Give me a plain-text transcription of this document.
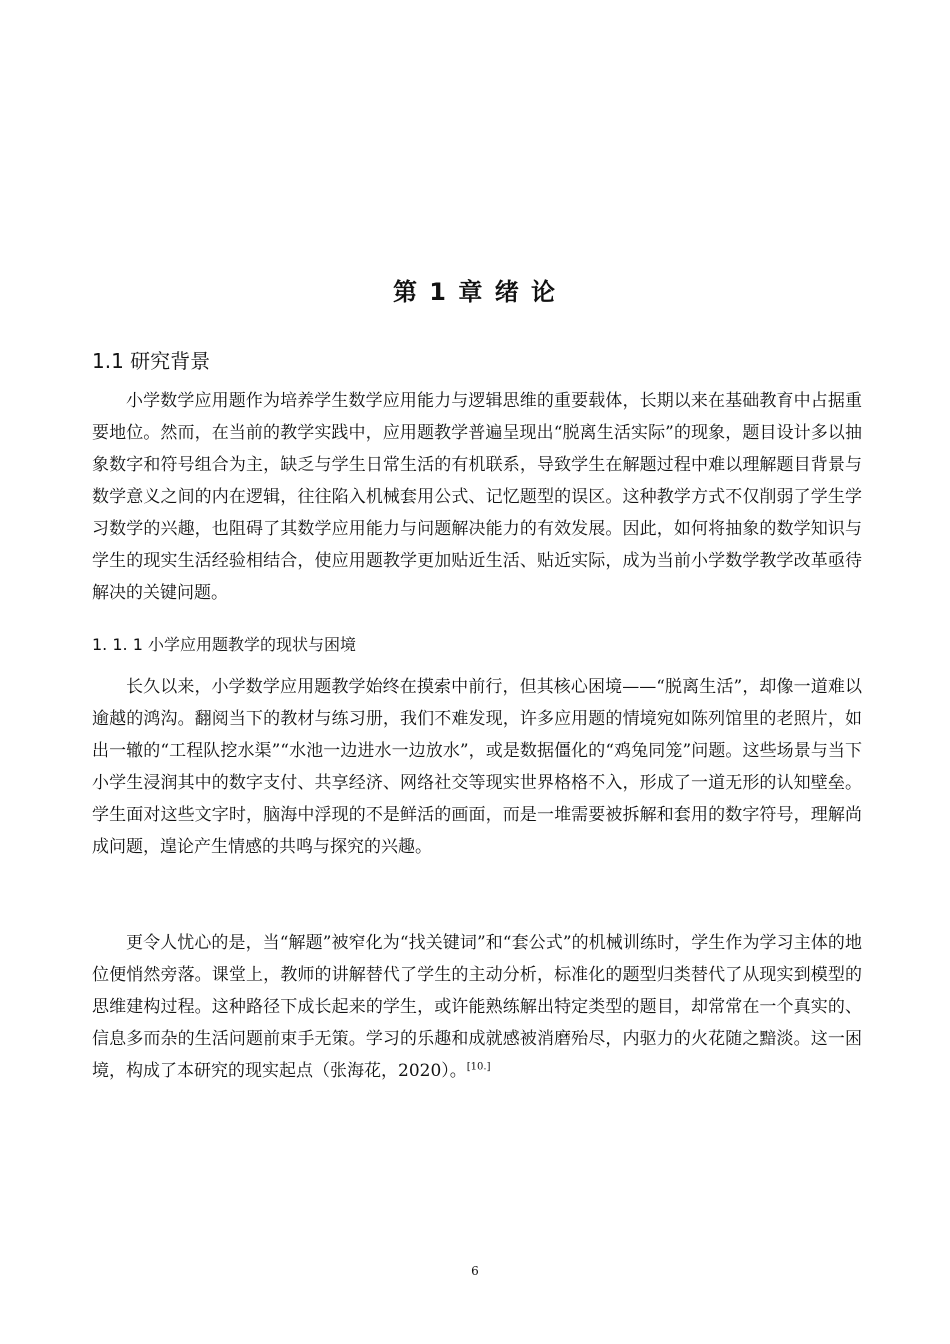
第 1 章 绪 论
1.1 研究背景

小学数学应用题作为培养学生数学应用能力与逻辑思维的重要载体，长期以来在基础教育中占据重要地位。然而，在当前的教学实践中，应用题教学普遍呈现出“脱离生活实际”的现象，题目设计多以抽象数字和符号组合为主，缺乏与学生日常生活的有机联系，导致学生在解题过程中难以理解题目背景与数学意义之间的内在逻辑，往往陷入机械套用公式、记忆题型的误区。这种教学方式不仅削弱了学生学习数学的兴趣，也阻碍了其数学应用能力与问题解决能力的有效发展。因此，如何将抽象的数学知识与学生的现实生活经验相结合，使应用题教学更加贴近生活、贴近实际，成为当前小学数学教学改革亟待解决的关键问题。

1. 1. 1 小学应用题教学的现状与困境

长久以来，小学数学应用题教学始终在摸索中前行，但其核心困境——“脱离生活”，却像一道难以逾越的鸿沟。翻阅当下的教材与练习册，我们不难发现，许多应用题的情境宛如陈列馆里的老照片，如出一辙的“工程队挖水渠”“水池一边进水一边放水”，或是数据僵化的“鸡兔同笼”问题。这些场景与当下小学生浸润其中的数字支付、共享经济、网络社交等现实世界格格不入，形成了一道无形的认知壁垒。学生面对这些文字时，脑海中浮现的不是鲜活的画面，而是一堆需要被拆解和套用的数字符号，理解尚成问题，遑论产生情感的共鸣与探究的兴趣。

更令人忧心的是，当“解题”被窄化为“找关键词”和“套公式”的机械训练时，学生作为学习主体的地位便悄然旁落。课堂上，教师的讲解替代了学生的主动分析，标准化的题型归类替代了从现实到模型的思维建构过程。这种路径下成长起来的学生，或许能熟练解出特定类型的题目，却常常在一个真实的、信息多而杂的生活问题前束手无策。学习的乐趣和成就感被消磨殆尽，内驱力的火花随之黯淡。这一困境，构成了本研究的现实起点（张海花，2020）。[10.]

6
